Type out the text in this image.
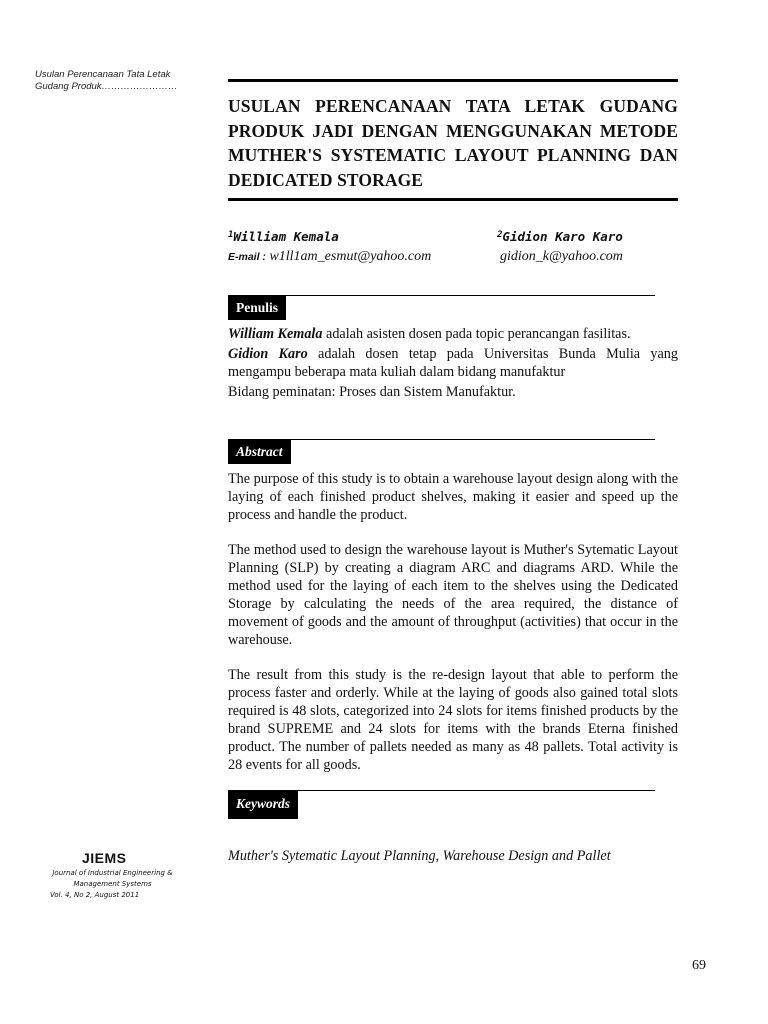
Usulan Perencanaan Tata Letak
Gudang Produk……………………
USULAN PERENCANAAN TATA LETAK GUDANG
PRODUK JADI DENGAN MENGGUNAKAN METODE
MUTHER'S SYSTEMATIC LAYOUT PLANNING DAN
DEDICATED STORAGE
$^1$William Kemala
E-mail : w1ll1am_esmut@yahoo.com
$^2$Gidion Karo Karo
gidion_k@yahoo.com
Penulis
William Kemala adalah asisten dosen pada topic perancangan fasilitas.
Gidion Karo adalah dosen tetap pada Universitas Bunda Mulia yang mengampu beberapa mata kuliah dalam bidang manufaktur
Bidang peminatan: Proses dan Sistem Manufaktur.
Abstract
The purpose of this study is to obtain a warehouse layout design along with the laying of each finished product shelves, making it easier and speed up the process and handle the product.
The method used to design the warehouse layout is Muther's Sytematic Layout Planning (SLP) by creating a diagram ARC and diagrams ARD. While the method used for the laying of each item to the shelves using the Dedicated Storage by calculating the needs of the area required, the distance of movement of goods and the amount of throughput (activities) that occur in the warehouse.
The result from this study is the re-design layout that able to perform the process faster and orderly. While at the laying of goods also gained total slots required is 48 slots, categorized into 24 slots for items finished products by the brand SUPREME and 24 slots for items with the brands Eterna finished product. The number of pallets needed as many as 48 pallets. Total activity is 28 events for all goods.
Keywords
Muther's Sytematic Layout Planning, Warehouse Design and Pallet
JIEMS
Journal of Industrial Engineering &
Management Systems
Vol. 4, No 2, August 2011
69
